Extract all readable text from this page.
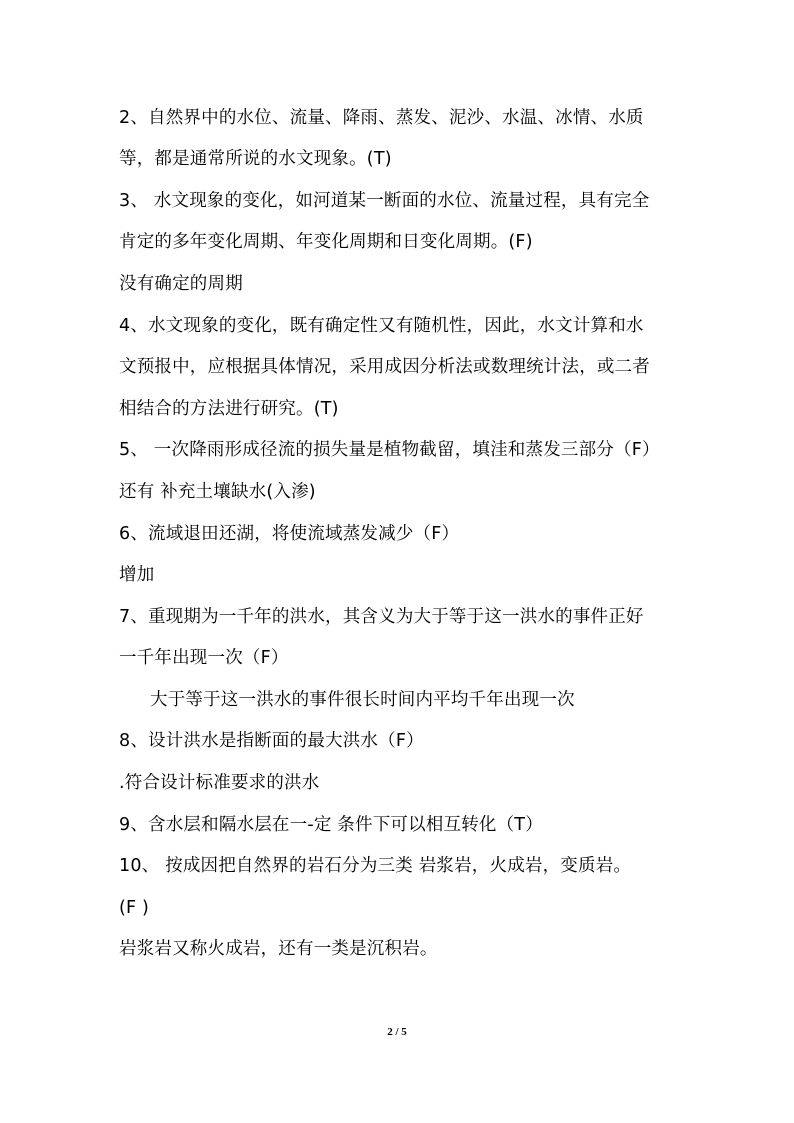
2、自然界中的水位、流量、降雨、蒸发、泥沙、水温、冰情、水质
等，都是通常所说的水文现象。(T)
3、 水文现象的变化，如河道某一断面的水位、流量过程，具有完全
肯定的多年变化周期、年变化周期和日变化周期。(F)
没有确定的周期
4、水文现象的变化，既有确定性又有随机性，因此，水文计算和水
文预报中，应根据具体情况，采用成因分析法或数理统计法，或二者
相结合的方法进行研究。(T)
5、 一次降雨形成径流的损失量是植物截留，填洼和蒸发三部分（F）
还有 补充土壤缺水(入渗)
6、流域退田还湖，将使流域蒸发减少（F）
增加
7、重现期为一千年的洪水，其含义为大于等于这一洪水的事件正好
一千年出现一次（F）
大于等于这一洪水的事件很长时间内平均千年出现一次
8、设计洪水是指断面的最大洪水（F）
.符合设计标准要求的洪水
9、含水层和隔水层在一-定 条件下可以相互转化（T）
10、 按成因把自然界的岩石分为三类 岩浆岩，火成岩，变质岩。
(F )
岩浆岩又称火成岩，还有一类是沉积岩。
2 / 5
